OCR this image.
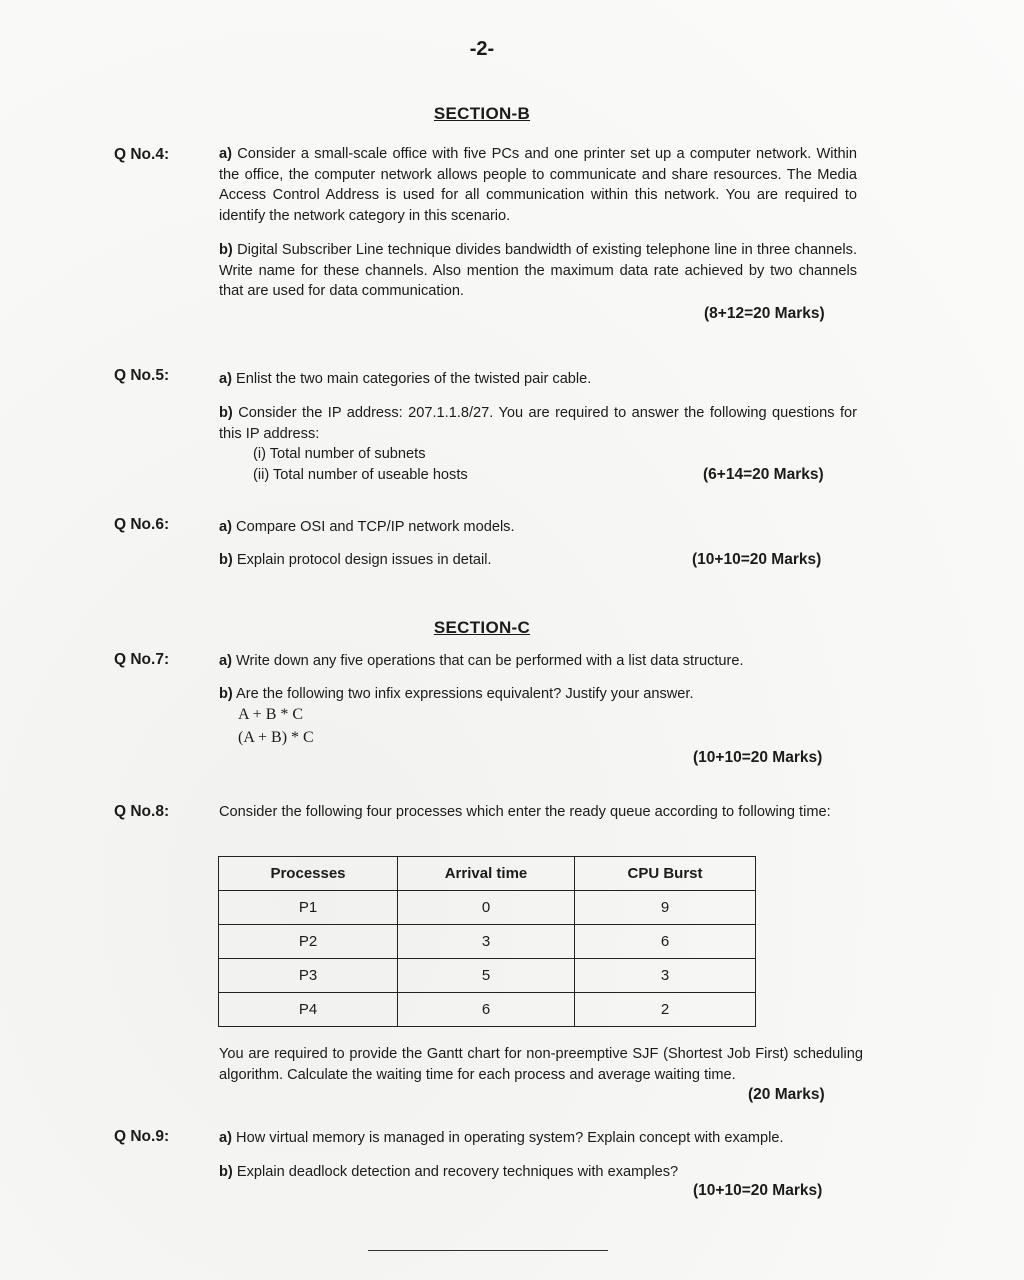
-2-
SECTION-B
Q No.4:	a) Consider a small-scale office with five PCs and one printer set up a computer network. Within the office, the computer network allows people to communicate and share resources. The Media Access Control Address is used for all communication within this network. You are required to identify the network category in this scenario.
b) Digital Subscriber Line technique divides bandwidth of existing telephone line in three channels. Write name for these channels. Also mention the maximum data rate achieved by two channels that are used for data communication.
(8+12=20 Marks)
Q No.5:	a) Enlist the two main categories of the twisted pair cable.
b) Consider the IP address: 207.1.1.8/27. You are required to answer the following questions for this IP address:
(i) Total number of subnets
(ii) Total number of useable hosts	(6+14=20 Marks)
Q No.6:	a) Compare OSI and TCP/IP network models.
b) Explain protocol design issues in detail.	(10+10=20 Marks)
SECTION-C
Q No.7:	a) Write down any five operations that can be performed with a list data structure.
b) Are the following two infix expressions equivalent? Justify your answer.
A + B * C
(A + B) * C
(10+10=20 Marks)
Q No.8:	Consider the following four processes which enter the ready queue according to following time:
Processes	Arrival time	CPU Burst
P1	0	9
P2	3	6
P3	5	3
P4	6	2
You are required to provide the Gantt chart for non-preemptive SJF (Shortest Job First) scheduling algorithm. Calculate the waiting time for each process and average waiting time.
(20 Marks)
Q No.9:	a) How virtual memory is managed in operating system? Explain concept with example.
b) Explain deadlock detection and recovery techniques with examples?
(10+10=20 Marks)
